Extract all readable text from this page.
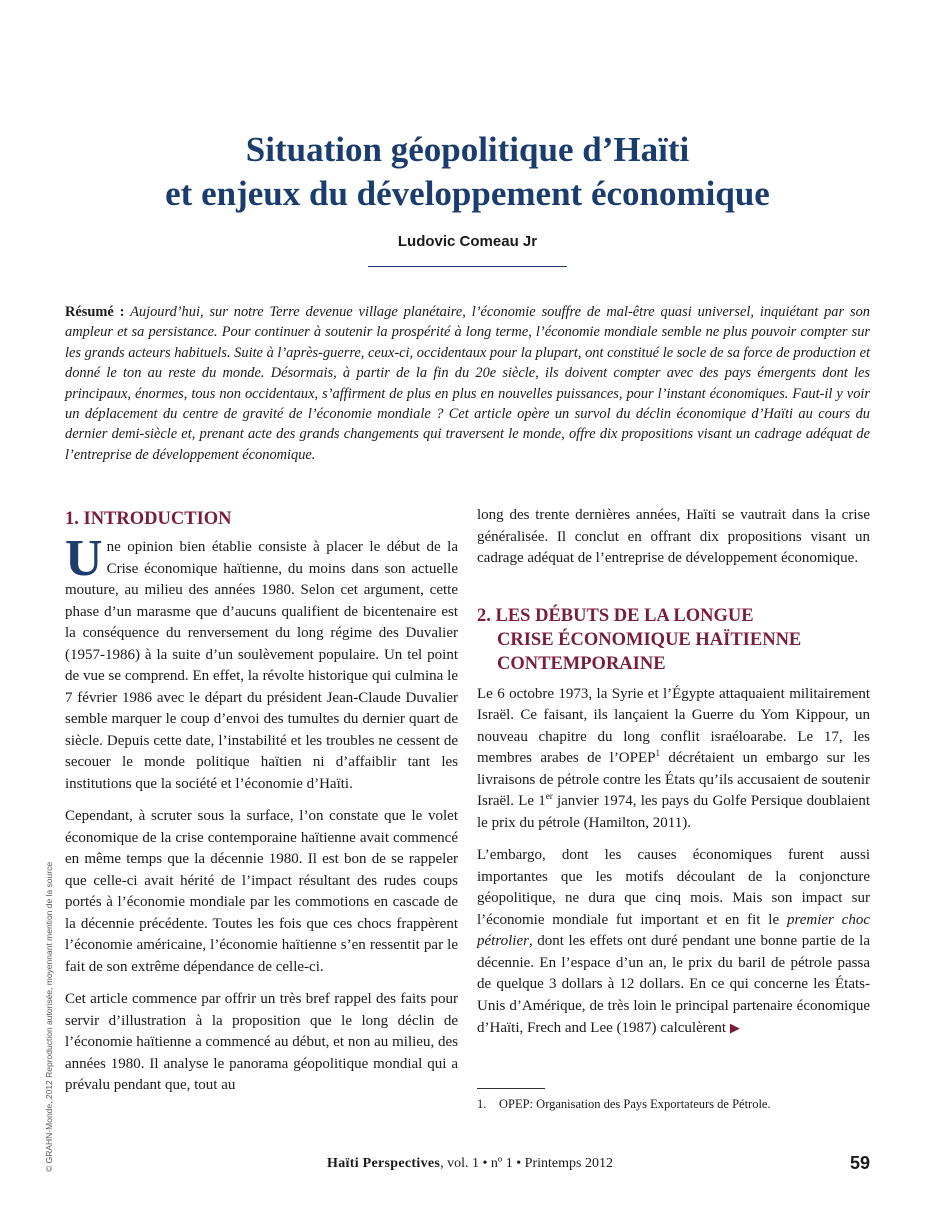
Situation géopolitique d’Haïti
et enjeux du développement économique

Ludovic Comeau Jr

Résumé : Aujourd’hui, sur notre Terre devenue village planétaire, l’économie souffre de mal-être quasi universel, inquiétant par son ampleur et sa persistance. Pour continuer à soutenir la prospérité à long terme, l’économie mondiale semble ne plus pouvoir compter sur les grands acteurs habituels. Suite à l’après-guerre, ceux-ci, occidentaux pour la plupart, ont constitué le socle de sa force de production et donné le ton au reste du monde. Désormais, à partir de la fin du 20e siècle, ils doivent compter avec des pays émergents dont les principaux, énormes, tous non occidentaux, s’affirment de plus en plus en nouvelles puissances, pour l’instant économiques. Faut-il y voir un déplacement du centre de gravité de l’économie mondiale ? Cet article opère un survol du déclin économique d’Haïti au cours du dernier demi-siècle et, prenant acte des grands changements qui traversent le monde, offre dix propositions visant un cadrage adéquat de l’entreprise de développement économique.

1. INTRODUCTION

Une opinion bien établie consiste à placer le début de la Crise économique haïtienne, du moins dans son actuelle mouture, au milieu des années 1980. Selon cet argument, cette phase d’un marasme que d’aucuns qualifient de bicentenaire est la conséquence du renversement du long régime des Duvalier (1957-1986) à la suite d’un soulèvement populaire. Un tel point de vue se comprend. En effet, la révolte historique qui culmina le 7 février 1986 avec le départ du président Jean-Claude Duvalier semble marquer le coup d’envoi des tumultes du dernier quart de siècle. Depuis cette date, l’instabilité et les troubles ne cessent de secouer le monde politique haïtien ni d’affaiblir tant les institutions que la société et l’économie d’Haïti.

Cependant, à scruter sous la surface, l’on constate que le volet économique de la crise contemporaine haïtienne avait commencé en même temps que la décennie 1980. Il est bon de se rappeler que celle-ci avait hérité de l’impact résultant des rudes coups portés à l’économie mondiale par les commotions en cascade de la décennie précédente. Toutes les fois que ces chocs frappèrent l’économie américaine, l’économie haïtienne s’en ressentit par le fait de son extrême dépendance de celle-ci.

Cet article commence par offrir un très bref rappel des faits pour servir d’illustration à la proposition que le long déclin de l’économie haïtienne a commencé au début, et non au milieu, des années 1980. Il analyse le panorama géopolitique mondial qui a prévalu pendant que, tout au

long des trente dernières années, Haïti se vautrait dans la crise généralisée. Il conclut en offrant dix propositions visant un cadrage adéquat de l’entreprise de développement économique.

2. LES DÉBUTS DE LA LONGUE
CRISE ÉCONOMIQUE HAÏTIENNE
CONTEMPORAINE

Le 6 octobre 1973, la Syrie et l’Égypte attaquaient militairement Israël. Ce faisant, ils lançaient la Guerre du Yom Kippour, un nouveau chapitre du long conflit israéloarabe. Le 17, les membres arabes de l’OPEP$^1$ décrétaient un embargo sur les livraisons de pétrole contre les États qu’ils accusaient de soutenir Israël. Le 1er janvier 1974, les pays du Golfe Persique doublaient le prix du pétrole (Hamilton, 2011).

L’embargo, dont les causes économiques furent aussi importantes que les motifs découlant de la conjoncture géopolitique, ne dura que cinq mois. Mais son impact sur l’économie mondiale fut important et en fit le premier choc pétrolier, dont les effets ont duré pendant une bonne partie de la décennie. En l’espace d’un an, le prix du baril de pétrole passa de quelque 3 dollars à 12 dollars. En ce qui concerne les États-Unis d’Amérique, de très loin le principal partenaire économique d’Haïti, Frech and Lee (1987) calculèrent ▶

1. OPEP: Organisation des Pays Exportateurs de Pétrole.

© GRAHN-Monde, 2012 Reproduction autorisée, moyennant mention de la source	Haïti Perspectives, vol. 1 • nº 1 • Printemps 2012	59
